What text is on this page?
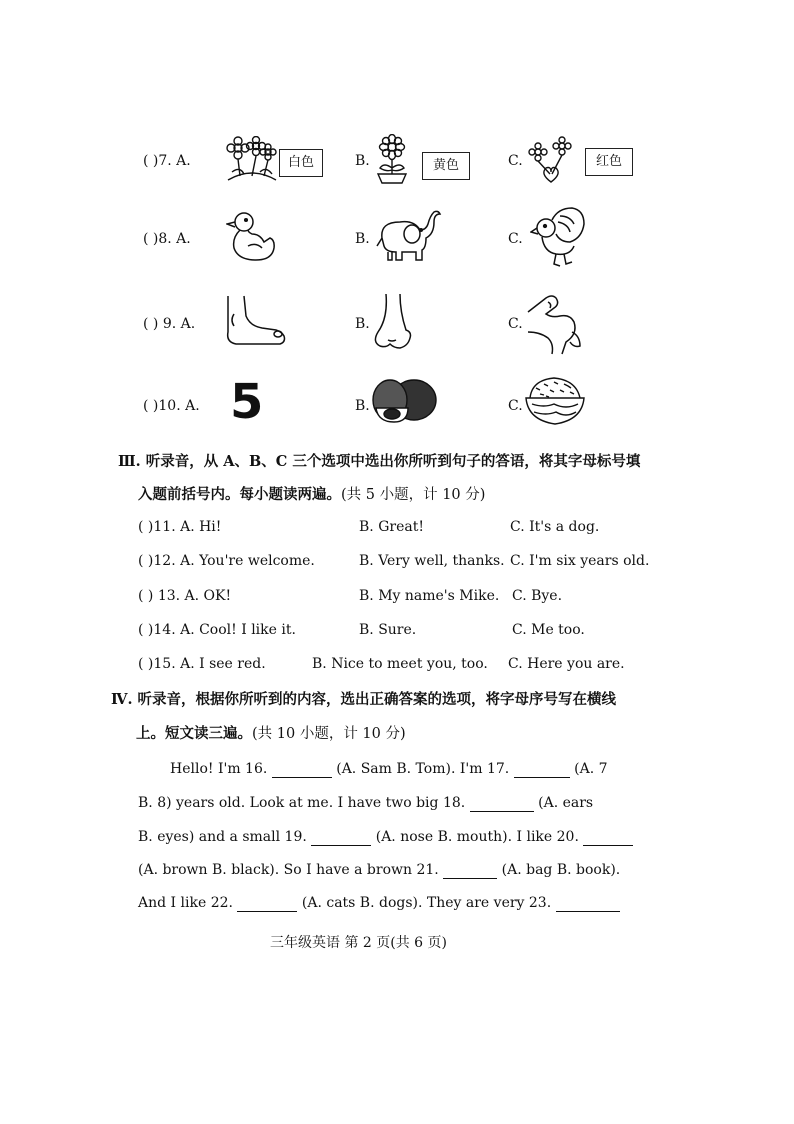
( )7. A.	白色	B.	黄色	C.	红色
( )8. A.	B.	C.
( ) 9. A.	B.	C.
( )10. A. 5	B.	C.
Ⅲ. 听录音，从 A、B、C 三个选项中选出你所听到句子的答语，将其字母标号填
入题前括号内。每小题读两遍。(共 5 小题，计 10 分)
( )11. A. Hi!	B. Great!	C. It's a dog.
( )12. A. You're welcome.	B. Very well, thanks. C. I'm six years old.
( ) 13. A. OK!	B. My name's Mike. C. Bye.
( )14. A. Cool! I like it.	B. Sure.	C. Me too.
( )15. A. I see red.	B. Nice to meet you, too. C. Here you are.
Ⅳ. 听录音，根据你所听到的内容，选出正确答案的选项，将字母序号写在横线
上。短文读三遍。(共 10 小题，计 10 分)
Hello! I'm 16.	(A. Sam B. Tom). I'm 17.	(A. 7
B. 8) years old. Look at me. I have two big 18.	(A. ears
B. eyes) and a small 19.	(A. nose B. mouth). I like 20.
(A. brown B. black). So I have a brown 21.	(A. bag B. book).
And I like 22.	(A. cats B. dogs). They are very 23.
三年级英语 第 2 页(共 6 页)
